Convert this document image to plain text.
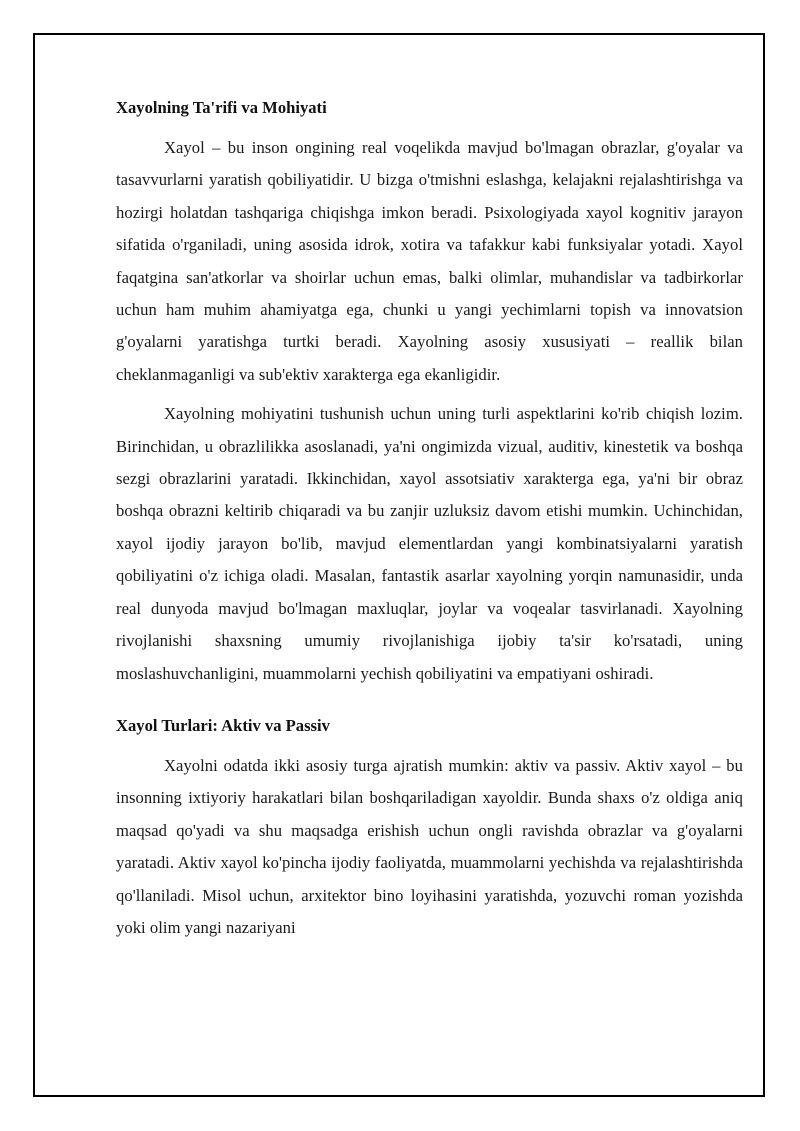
Xayolning Ta'rifi va Mohiyati

Xayol – bu inson ongining real voqelikda mavjud bo'lmagan obrazlar, g'oyalar va tasavvurlarni yaratish qobiliyatidir. U bizga o'tmishni eslashga, kelajakni rejalashtirishga va hozirgi holatdan tashqariga chiqishga imkon beradi. Psixologiyada xayol kognitiv jarayon sifatida o'rganiladi, uning asosida idrok, xotira va tafakkur kabi funksiyalar yotadi. Xayol faqatgina san'atkorlar va shoirlar uchun emas, balki olimlar, muhandislar va tadbirkorlar uchun ham muhim ahamiyatga ega, chunki u yangi yechimlarni topish va innovatsion g'oyalarni yaratishga turtki beradi. Xayolning asosiy xususiyati – reallik bilan cheklanmaganligi va sub'ektiv xarakterga ega ekanligidir.

Xayolning mohiyatini tushunish uchun uning turli aspektlarini ko'rib chiqish lozim. Birinchidan, u obrazlilikka asoslanadi, ya'ni ongimizda vizual, auditiv, kinestetik va boshqa sezgi obrazlarini yaratadi. Ikkinchidan, xayol assotsiativ xarakterga ega, ya'ni bir obraz boshqa obrazni keltirib chiqaradi va bu zanjir uzluksiz davom etishi mumkin. Uchinchidan, xayol ijodiy jarayon bo'lib, mavjud elementlardan yangi kombinatsiyalarni yaratish qobiliyatini o'z ichiga oladi. Masalan, fantastik asarlar xayolning yorqin namunasidir, unda real dunyoda mavjud bo'lmagan maxluqlar, joylar va voqealar tasvirlanadi. Xayolning rivojlanishi shaxsning umumiy rivojlanishiga ijobiy ta'sir ko'rsatadi, uning moslashuvchanligini, muammolarni yechish qobiliyatini va empatiyani oshiradi.

Xayol Turlari: Aktiv va Passiv

Xayolni odatda ikki asosiy turga ajratish mumkin: aktiv va passiv. Aktiv xayol – bu insonning ixtiyoriy harakatlari bilan boshqariladigan xayoldir. Bunda shaxs o'z oldiga aniq maqsad qo'yadi va shu maqsadga erishish uchun ongli ravishda obrazlar va g'oyalarni yaratadi. Aktiv xayol ko'pincha ijodiy faoliyatda, muammolarni yechishda va rejalashtirishda qo'llaniladi. Misol uchun, arxitektor bino loyihasini yaratishda, yozuvchi roman yozishda yoki olim yangi nazariyani
